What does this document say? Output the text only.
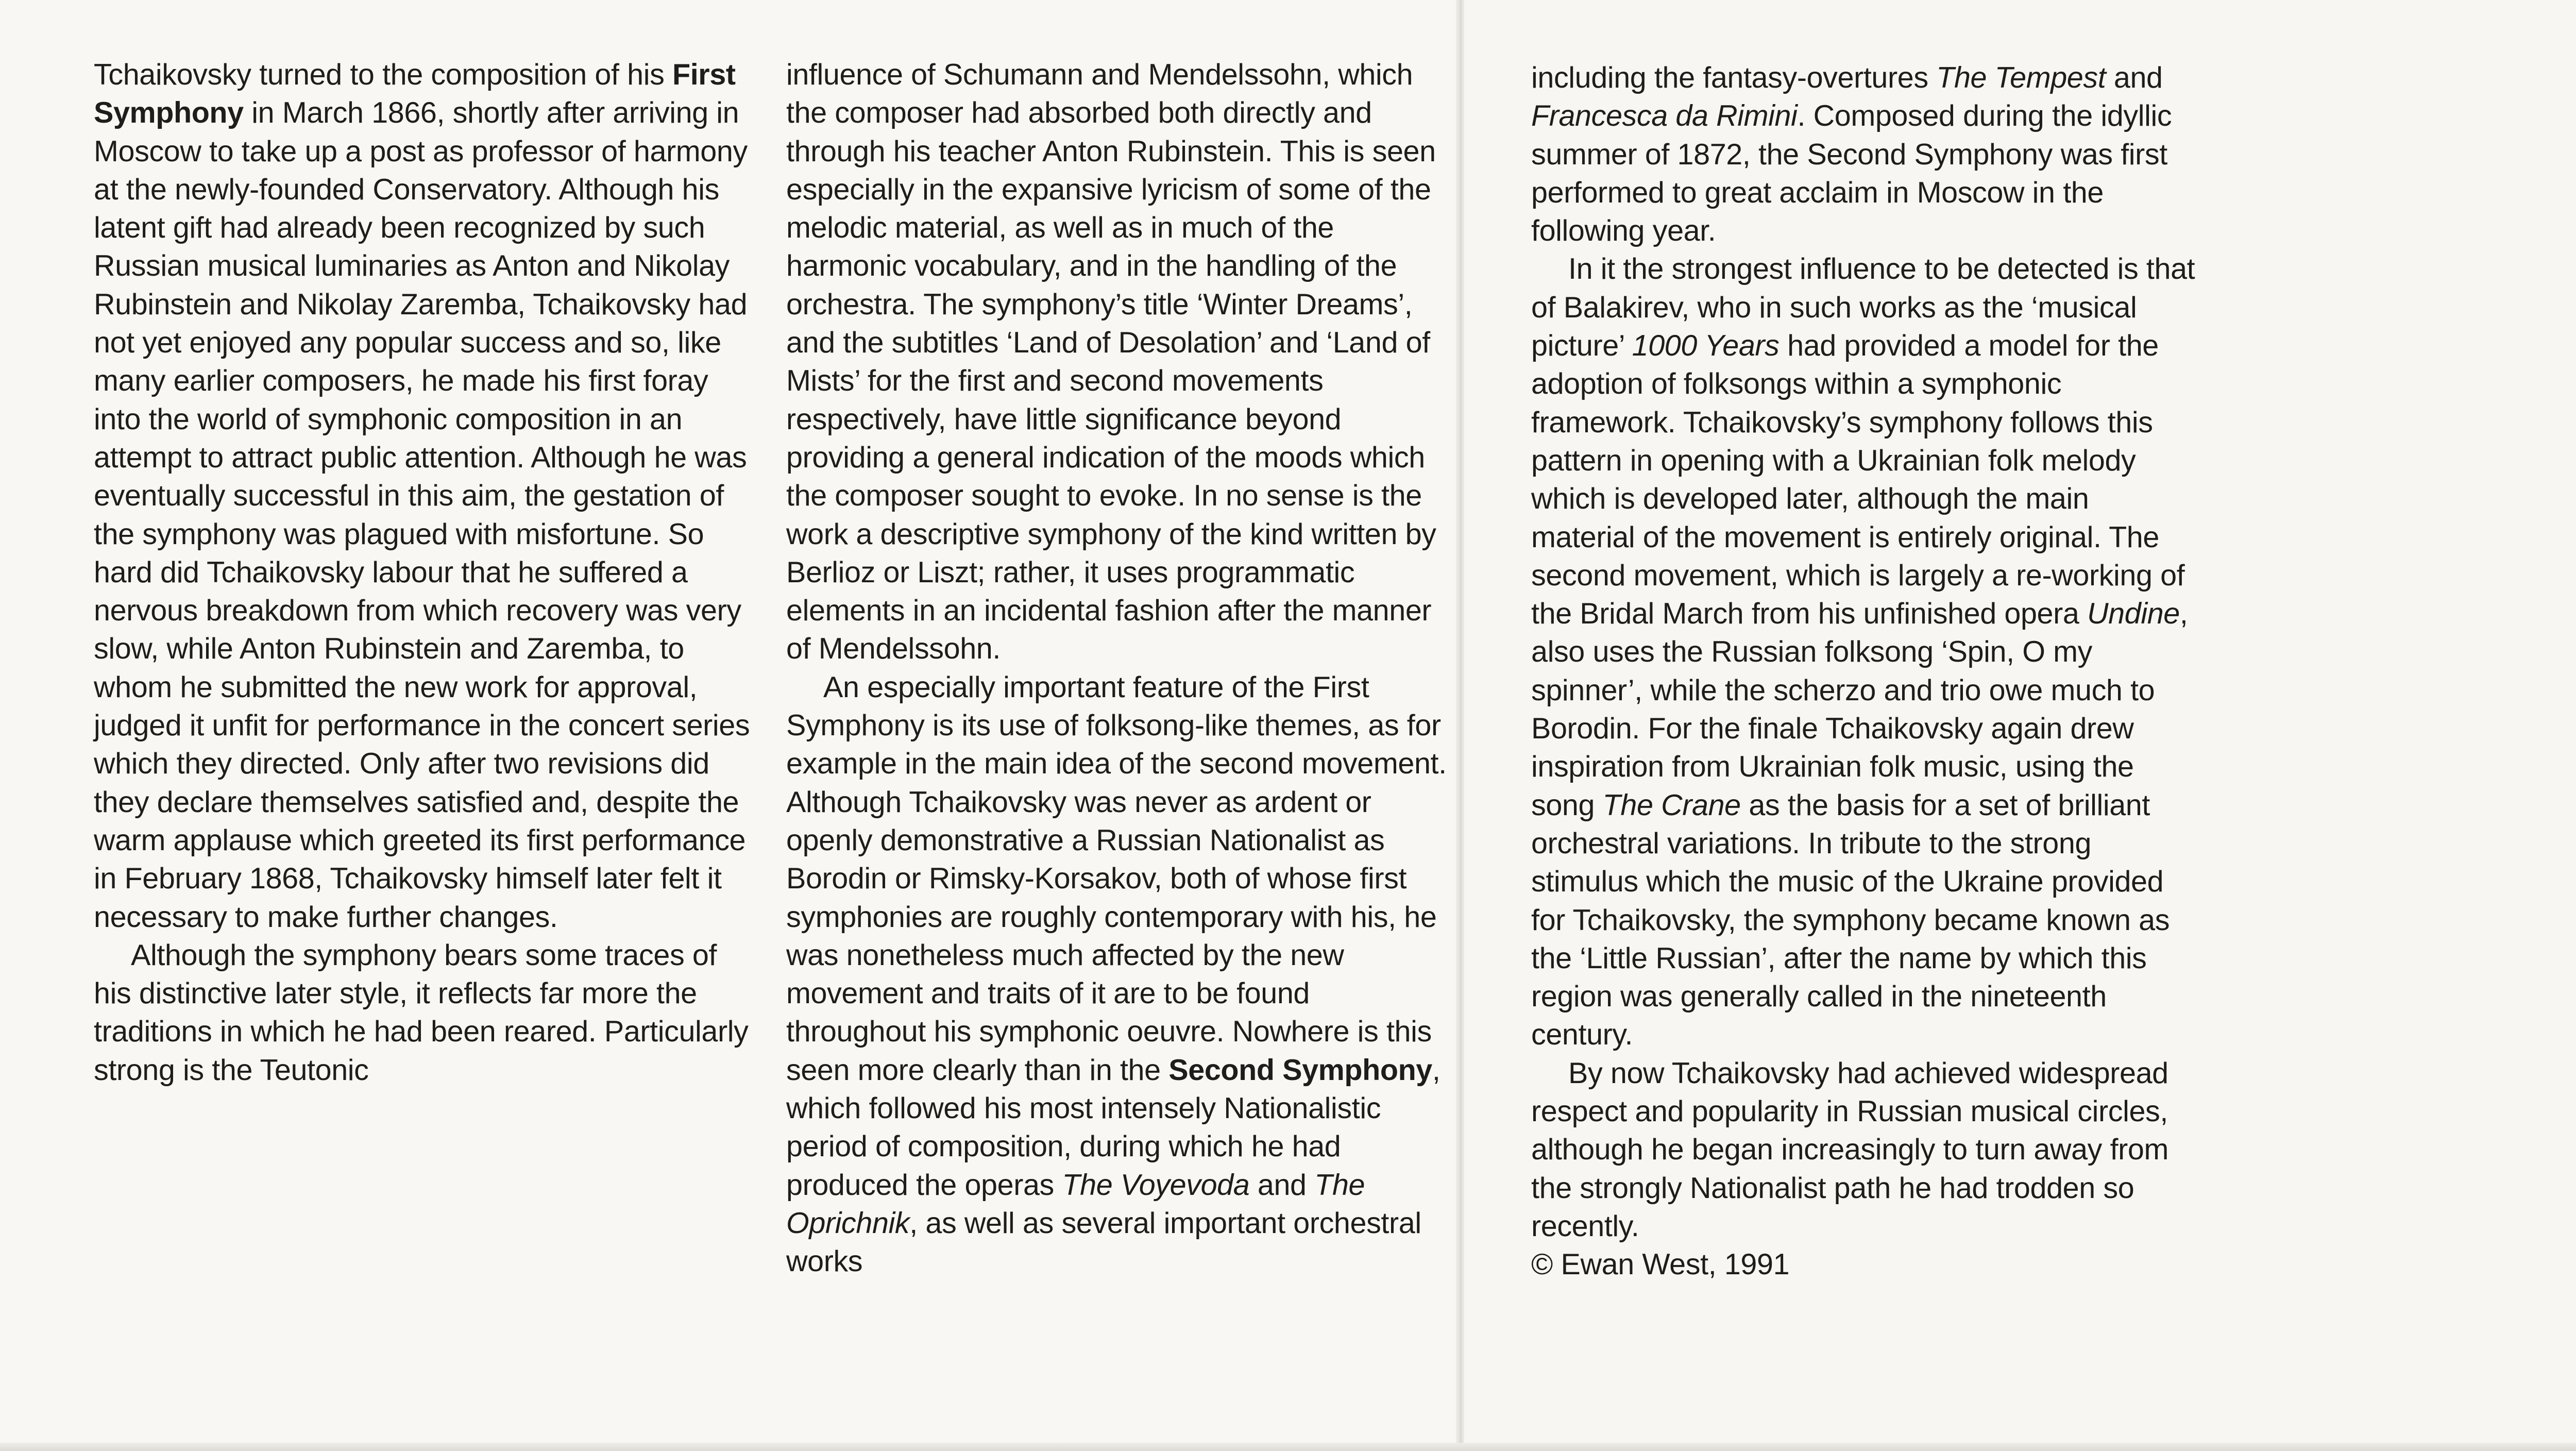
Tchaikovsky turned to the composition of his First Symphony in March 1866, shortly after arriving in Moscow to take up a post as professor of harmony at the newly-founded Conservatory. Although his latent gift had already been recognized by such Russian musical luminaries as Anton and Nikolay Rubinstein and Nikolay Zaremba, Tchaikovsky had not yet enjoyed any popular success and so, like many earlier composers, he made his first foray into the world of symphonic composition in an attempt to attract public attention. Although he was eventually successful in this aim, the gestation of the symphony was plagued with misfortune. So hard did Tchaikovsky labour that he suffered a nervous breakdown from which recovery was very slow, while Anton Rubinstein and Zaremba, to whom he submitted the new work for approval, judged it unfit for performance in the concert series which they directed. Only after two revisions did they declare themselves satisfied and, despite the warm applause which greeted its first performance in February 1868, Tchaikovsky himself later felt it necessary to make further changes.

Although the symphony bears some traces of his distinctive later style, it reflects far more the traditions in which he had been reared. Particularly strong is the Teutonic

influence of Schumann and Mendelssohn, which the composer had absorbed both directly and through his teacher Anton Rubinstein. This is seen especially in the expansive lyricism of some of the melodic material, as well as in much of the harmonic vocabulary, and in the handling of the orchestra. The symphony’s title ‘Winter Dreams’, and the subtitles ‘Land of Desolation’ and ‘Land of Mists’ for the first and second movements respectively, have little significance beyond providing a general indication of the moods which the composer sought to evoke. In no sense is the work a descriptive symphony of the kind written by Berlioz or Liszt; rather, it uses programmatic elements in an incidental fashion after the manner of Mendelssohn.

An especially important feature of the First Symphony is its use of folksong-like themes, as for example in the main idea of the second movement. Although Tchaikovsky was never as ardent or openly demonstrative a Russian Nationalist as Borodin or Rimsky-Korsakov, both of whose first symphonies are roughly contemporary with his, he was nonetheless much affected by the new movement and traits of it are to be found throughout his symphonic oeuvre. Nowhere is this seen more clearly than in the Second Symphony, which followed his most intensely Nationalistic period of composition, during which he had produced the operas The Voyevoda and The Oprichnik, as well as several important orchestral works

including the fantasy-overtures The Tempest and Francesca da Rimini. Composed during the idyllic summer of 1872, the Second Symphony was first performed to great acclaim in Moscow in the following year.

In it the strongest influence to be detected is that of Balakirev, who in such works as the ‘musical picture’ 1000 Years had provided a model for the adoption of folksongs within a symphonic framework. Tchaikovsky’s symphony follows this pattern in opening with a Ukrainian folk melody which is developed later, although the main material of the movement is entirely original. The second movement, which is largely a re-working of the Bridal March from his unfinished opera Undine, also uses the Russian folksong ‘Spin, O my spinner’, while the scherzo and trio owe much to Borodin. For the finale Tchaikovsky again drew inspiration from Ukrainian folk music, using the song The Crane as the basis for a set of brilliant orchestral variations. In tribute to the strong stimulus which the music of the Ukraine provided for Tchaikovsky, the symphony became known as the ‘Little Russian’, after the name by which this region was generally called in the nineteenth century.

By now Tchaikovsky had achieved widespread respect and popularity in Russian musical circles, although he began increasingly to turn away from the strongly Nationalist path he had trodden so recently.

© Ewan West, 1991
